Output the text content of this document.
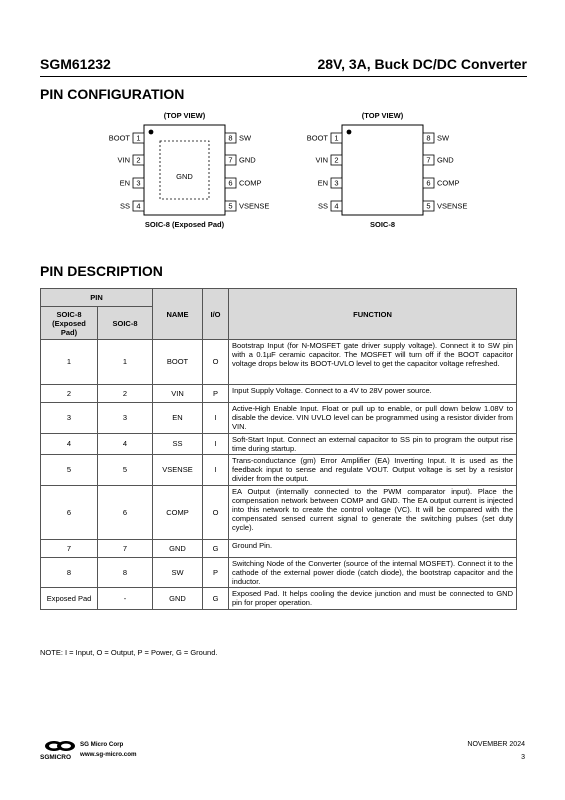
SGM61232	28V, 3A, Buck DC/DC Converter
PIN CONFIGURATION
(TOP VIEW)
GND
1
BOOT
2
VIN
3
EN
4
SS
8 SW
7 GND
6 COMP
5 VSENSE
SOIC-8 (Exposed Pad)
(TOP VIEW)
1
BOOT
2
VIN
3
EN
4
SS
8 SW
7 GND
6 COMP
5 VSENSE
SOIC-8
PIN DESCRIPTION
PIN		NAME	I/O	FUNCTION
SOIC-8 (Exposed Pad)	SOIC-8			
1	1	BOOT	O	Bootstrap Input (for N-MOSFET gate driver supply voltage). Connect it to SW pin with a 0.1µF ceramic capacitor. The MOSFET will turn off if the BOOT capacitor voltage drops below its BOOT-UVLO level to get the capacitor voltage refreshed.
2	2	VIN	P	Input Supply Voltage. Connect to a 4V to 28V power source.
3	3	EN	I	Active-High Enable Input. Float or pull up to enable, or pull down below 1.08V to disable the device. VIN UVLO level can be programmed using a resistor divider from VIN.
4	4	SS	I	Soft-Start Input. Connect an external capacitor to SS pin to program the output rise time during startup.
5	5	VSENSE	I	Trans-conductance (gm) Error Amplifier (EA) Inverting Input. It is used as the feedback input to sense and regulate VOUT. Output voltage is set by a resistor divider from the output.
6	6	COMP	O	EA Output (internally connected to the PWM comparator input). Place the compensation network between COMP and GND. The EA output current is injected into this network to create the control voltage (VC). It will be compared with the compensated sensed current signal to generate the switching pulses (set duty cycle).
7	7	GND	G	Ground Pin.
8	8	SW	P	Switching Node of the Converter (source of the internal MOSFET). Connect it to the cathode of the external power diode (catch diode), the bootstrap capacitor and the inductor.
Exposed Pad	-	GND	G	Exposed Pad. It helps cooling the device junction and must be connected to GND pin for proper operation.
NOTE: I = Input, O = Output, P = Power, G = Ground.
SGMICRO
SG Micro Corp
www.sg-micro.com
NOVEMBER 2024
3
